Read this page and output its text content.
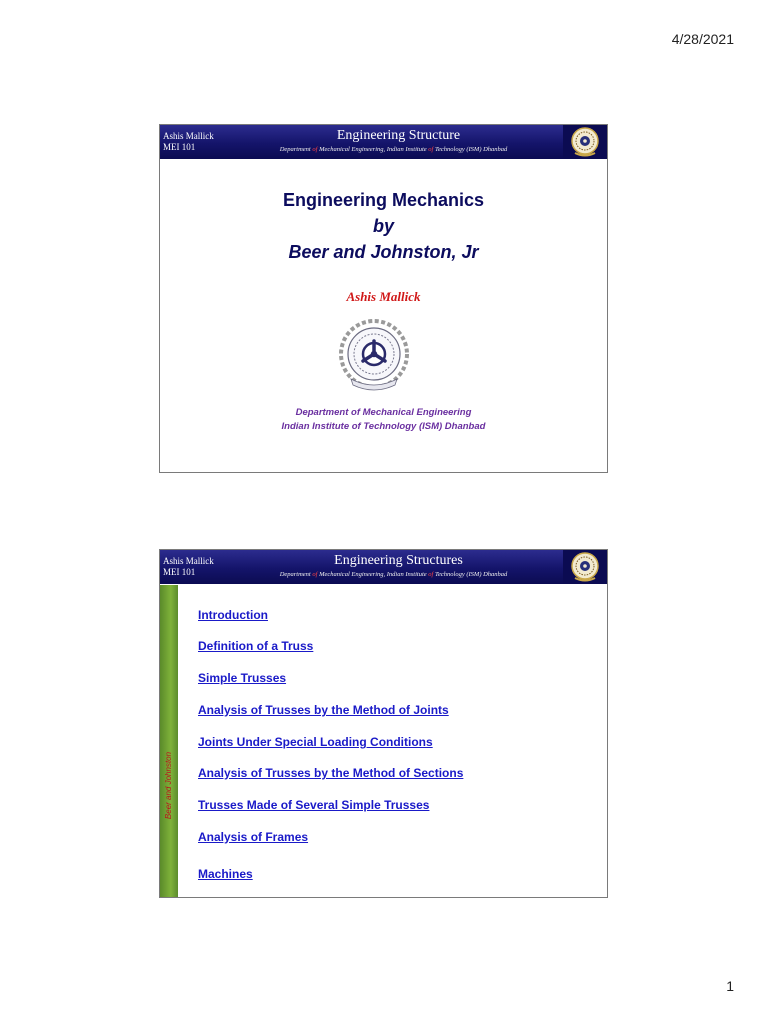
4/28/2021
Ashis Mallick
MEI 101
Engineering Structure
Department of Mechanical Engineering, Indian Institute of Technology (ISM) Dhanbad
Engineering Mechanics
by
Beer and Johnston, Jr
Ashis Mallick
Department of Mechanical Engineering
Indian Institute of Technology (ISM) Dhanbad
Ashis Mallick
MEI 101
Engineering Structures
Department of Mechanical Engineering, Indian Institute of Technology (ISM) Dhanbad
Beer and Johnston
Introduction
Definition of a Truss
Simple Trusses
Analysis of Trusses by the Method of Joints
Joints Under Special Loading Conditions
Analysis of Trusses by the Method of Sections
Trusses Made of Several Simple Trusses
Analysis of Frames
Machines
1
